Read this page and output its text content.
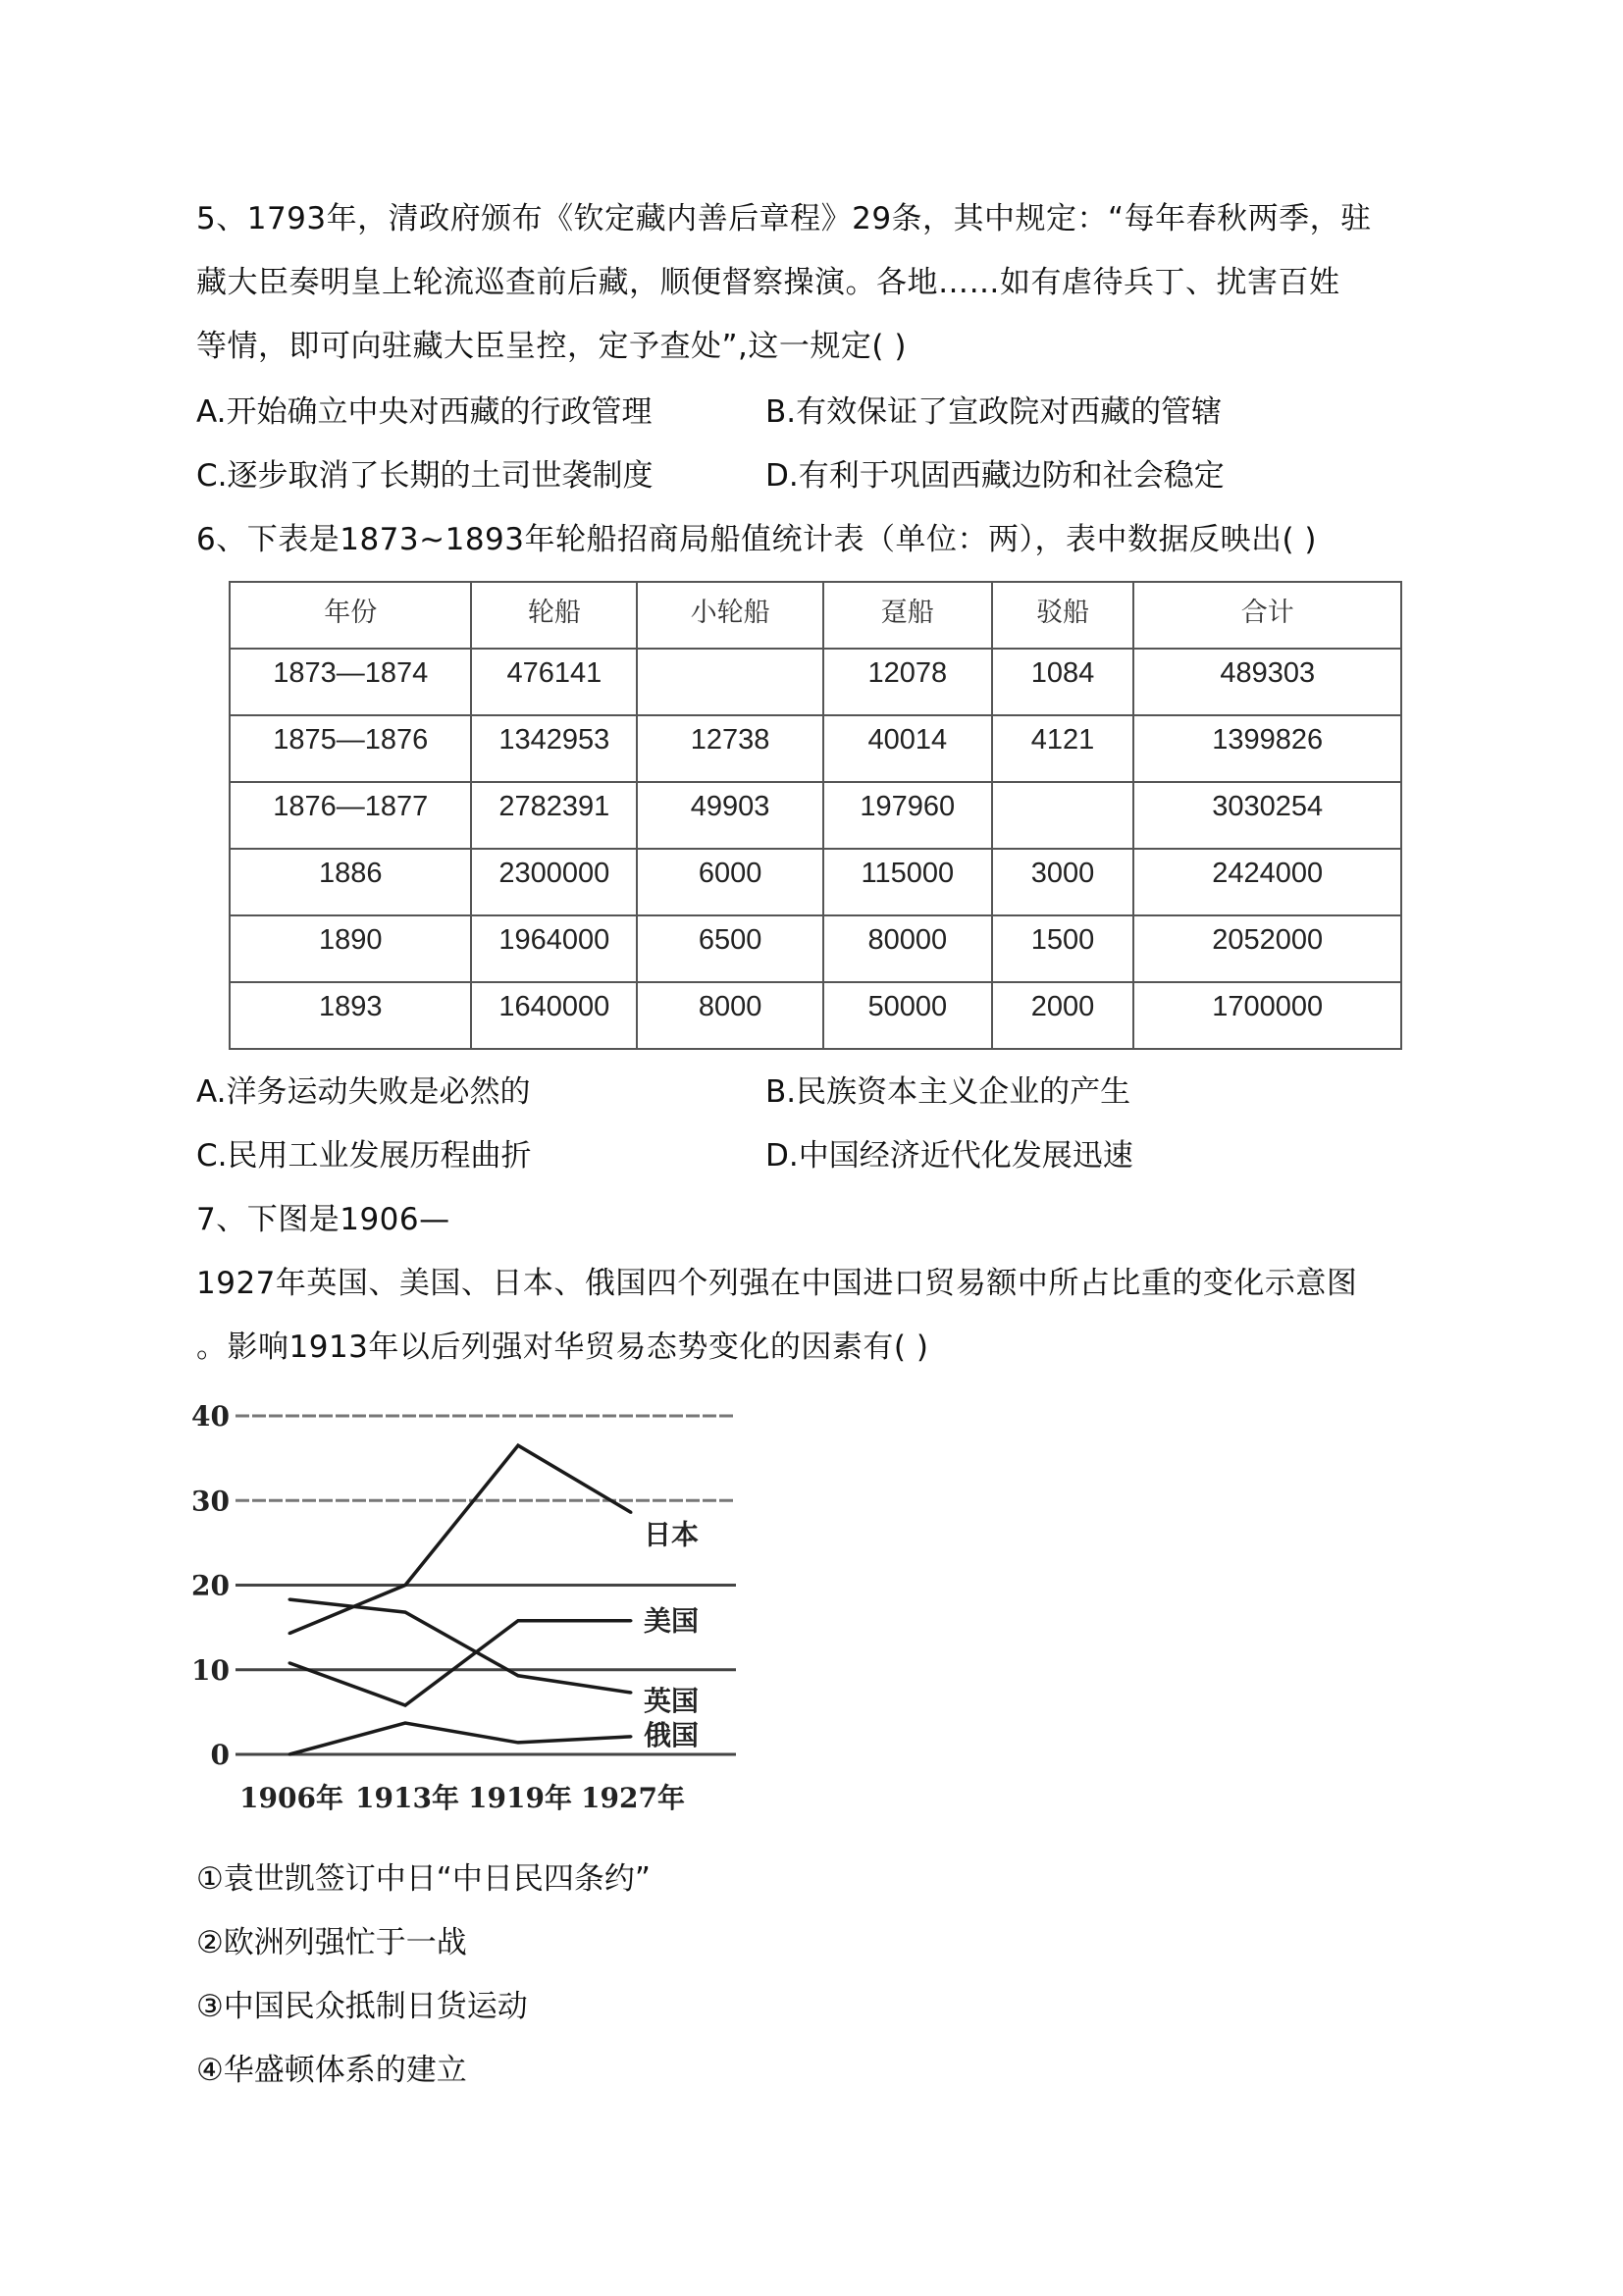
5、1793年，清政府颁布《钦定藏内善后章程》29条，其中规定：“每年春秋两季，驻
藏大臣奏明皇上轮流巡查前后藏，顺便督察操演。各地……如有虐待兵丁、扰害百姓
等情，即可向驻藏大臣呈控，定予查处”,这一规定( )
A.开始确立中央对西藏的行政管理	B.有效保证了宣政院对西藏的管辖
C.逐步取消了长期的土司世袭制度	D.有利于巩固西藏边防和社会稳定
6、下表是1873~1893年轮船招商局船值统计表（单位：两），表中数据反映出( )
年份	轮船	小轮船	趸船	驳船	合计
1873—1874	476141		12078	1084	489303
1875—1876	1342953	12738	40014	4121	1399826
1876—1877	2782391	49903	197960		3030254
1886	2300000	6000	115000	3000	2424000
1890	1964000	6500	80000	1500	2052000
1893	1640000	8000	50000	2000	1700000
A.洋务运动失败是必然的	B.民族资本主义企业的产生
C.民用工业发展历程曲折	D.中国经济近代化发展迅速
7、下图是1906—
1927年英国、美国、日本、俄国四个列强在中国进口贸易额中所占比重的变化示意图
。影响1913年以后列强对华贸易态势变化的因素有( )
0
10
20
30
40
1906年 1913年 1919年 1927年
日本
美国
英国
俄国
①袁世凯签订中日“中日民四条约”
②欧洲列强忙于一战
③中国民众抵制日货运动
④华盛顿体系的建立
